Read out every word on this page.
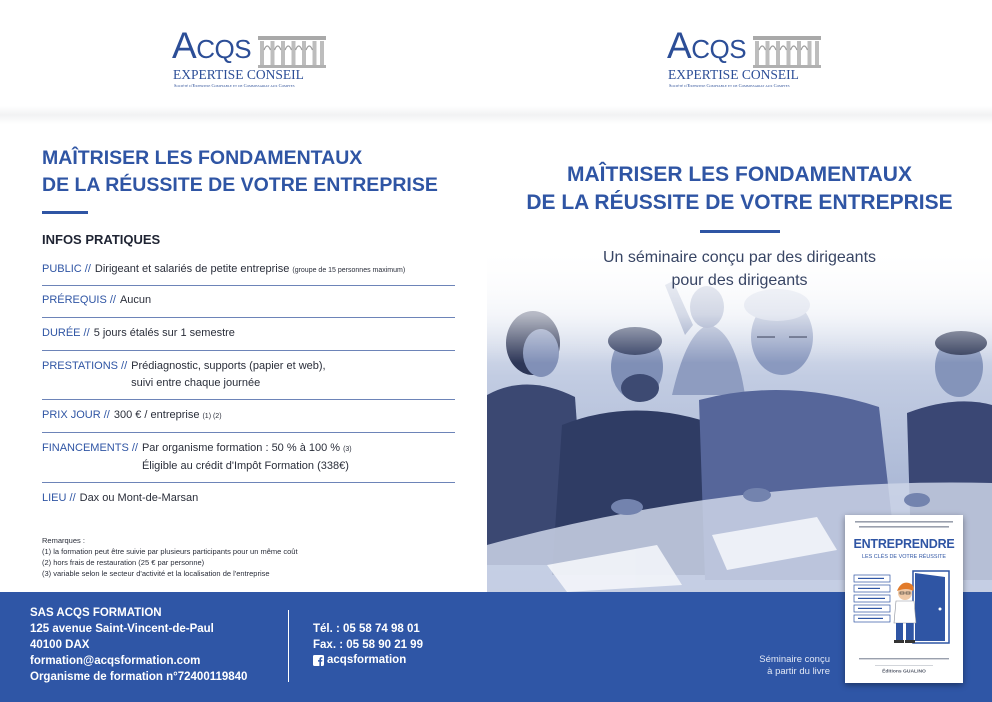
ACQS
EXPERTISE CONSEIL
Société d'Expertise Comptable et de Commissariat aux Comptes
ACQS
EXPERTISE CONSEIL
Société d'Expertise Comptable et de Commissariat aux Comptes
MAÎTRISER LES FONDAMENTAUX
DE LA RÉUSSITE DE VOTRE ENTREPRISE
INFOS PRATIQUES
PUBLIC // Dirigeant et salariés de petite entreprise (groupe de 15 personnes maximum)
PRÉREQUIS // Aucun
DURÉE // 5 jours étalés sur 1 semestre
PRESTATIONS // Prédiagnostic, supports (papier et web),
suivi entre chaque journée
PRIX JOUR // 300 € / entreprise (1) (2)
FINANCEMENTS // Par organisme formation : 50 % à 100 % (3)
Éligible au crédit d'Impôt Formation (338€)
LIEU // Dax ou Mont-de-Marsan
Remarques :
(1) la formation peut être suivie par plusieurs participants pour un même coût
(2) hors frais de restauration (25 € par personne)
(3) variable selon le secteur d'activité et la localisation de l'entreprise
MAÎTRISER LES FONDAMENTAUX
DE LA RÉUSSITE DE VOTRE ENTREPRISE
Un séminaire conçu par des dirigeants
pour des dirigeants
SAS ACQS FORMATION
125 avenue Saint-Vincent-de-Paul
40100 DAX
formation@acqsformation.com
Organisme de formation n°72400119840
Tél. : 05 58 74 98 01
Fax. : 05 58 90 21 99
acqsformation	Séminaire conçu
à partir du livre
ENTREPRENDRE
LES CLÉS DE VOTRE RÉUSSITE
Éditions GUALINO
